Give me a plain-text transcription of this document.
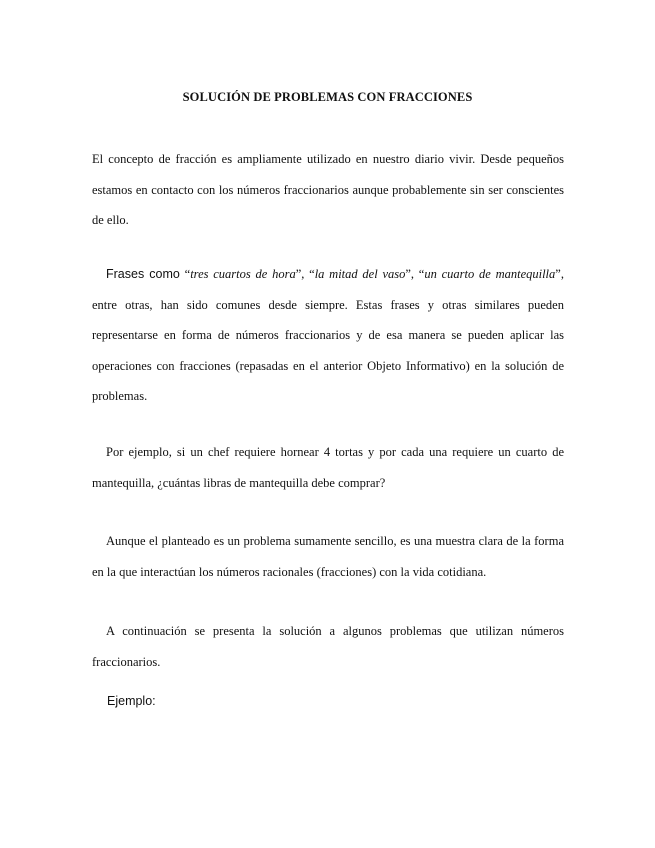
SOLUCIÓN DE PROBLEMAS CON FRACCIONES

El concepto de fracción es ampliamente utilizado en nuestro diario vivir. Desde pequeños estamos en contacto con los números fraccionarios aunque probablemente sin ser conscientes de ello.

Frases como “tres cuartos de hora”, “la mitad del vaso”, “un cuarto de mantequilla”, entre otras, han sido comunes desde siempre. Estas frases y otras similares pueden representarse en forma de números fraccionarios y de esa manera se pueden aplicar las operaciones con fracciones (repasadas en el anterior Objeto Informativo) en la solución de problemas.

Por ejemplo, si un chef requiere hornear 4 tortas y por cada una requiere un cuarto de mantequilla, ¿cuántas libras de mantequilla debe comprar?

Aunque el planteado es un problema sumamente sencillo, es una muestra clara de la forma en la que interactúan los números racionales (fracciones) con la vida cotidiana.

A continuación se presenta la solución a algunos problemas que utilizan números fraccionarios.

Ejemplo:
